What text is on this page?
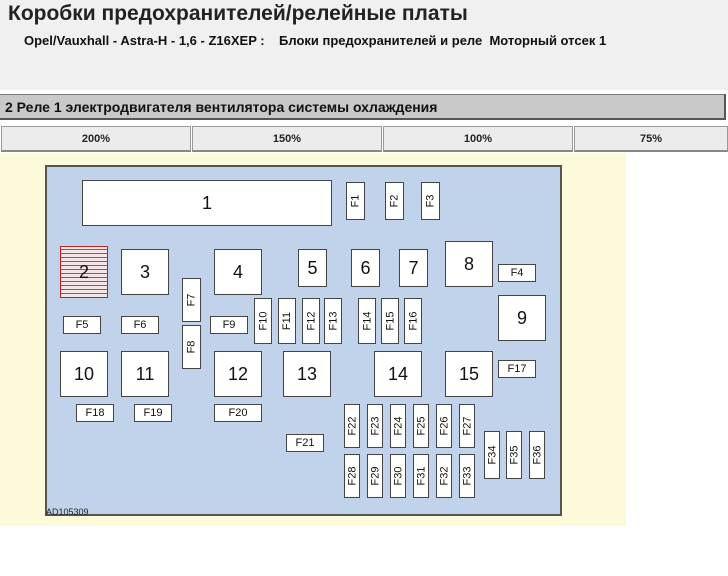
Коробки предохранителей/релейные платы
Opel/Vauxhall - Astra-H - 1,6 - Z16XEP :    Блоки предохранителей и реле  Моторный отсек 1
2 Реле 1 электродвигателя вентилятора системы охлаждения
200%	150%	100%	75%
1
2	3	4	5 6 7	8
9
10 11	12	13	14	15
F1 F2 F3
F4
F5	F6	F9
F17
F18	F19	F20
F21
F7
F8
F10 F11 F12 F13 F14 F15 F16
F22 F23 F24 F25 F26 F27
F28 F29 F30 F31 F32 F33
F34 F35 F36
AD105309
